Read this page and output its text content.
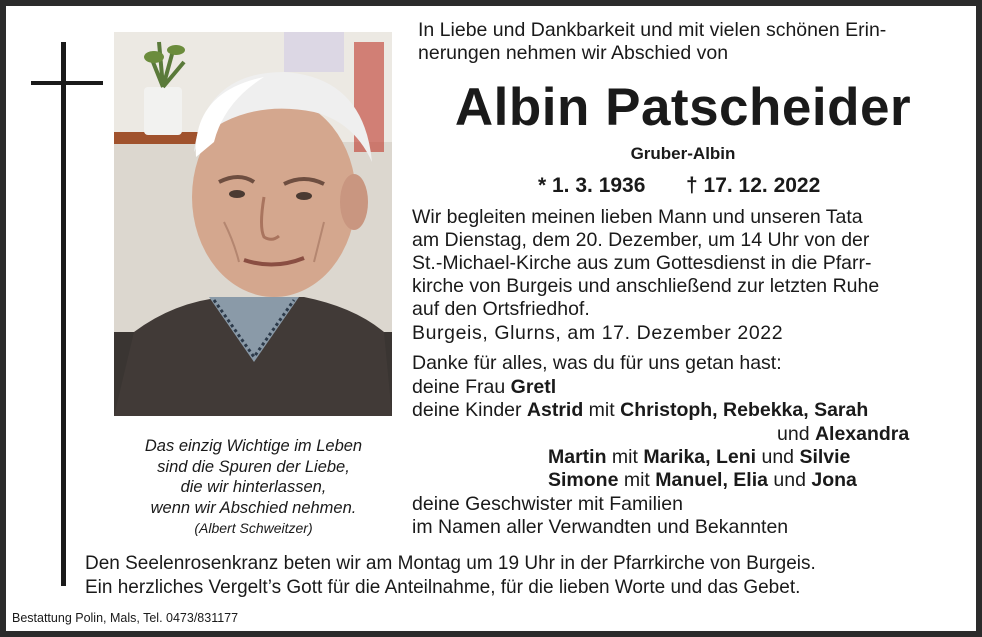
Das einzig Wichtige im Leben
sind die Spuren der Liebe,
die wir hinterlassen,
wenn wir Abschied nehmen.
(Albert Schweitzer)
In Liebe und Dankbarkeit und mit vielen schönen Erin-
nerungen nehmen wir Abschied von
Albin Patscheider
Gruber-Albin
* 1. 3. 1936 † 17. 12. 2022
Wir begleiten meinen lieben Mann und unseren Tata
am Dienstag, dem 20. Dezember, um 14 Uhr von der
St.-Michael-Kirche aus zum Gottesdienst in die Pfarr-
kirche von Burgeis und anschließend zur letzten Ruhe
auf den Ortsfriedhof.
Burgeis, Glurns, am 17. Dezember 2022
Danke für alles, was du für uns getan hast:
deine Frau Gretl
deine Kinder Astrid mit Christoph, Rebekka, Sarah
und Alexandra
Martin mit Marika, Leni und Silvie
Simone mit Manuel, Elia und Jona
deine Geschwister mit Familien
im Namen aller Verwandten und Bekannten
Den Seelenrosenkranz beten wir am Montag um 19 Uhr in der Pfarrkirche von Burgeis.
Ein herzliches Vergelt’s Gott für die Anteilnahme, für die lieben Worte und das Gebet.
Bestattung Polin, Mals, Tel. 0473/831177
